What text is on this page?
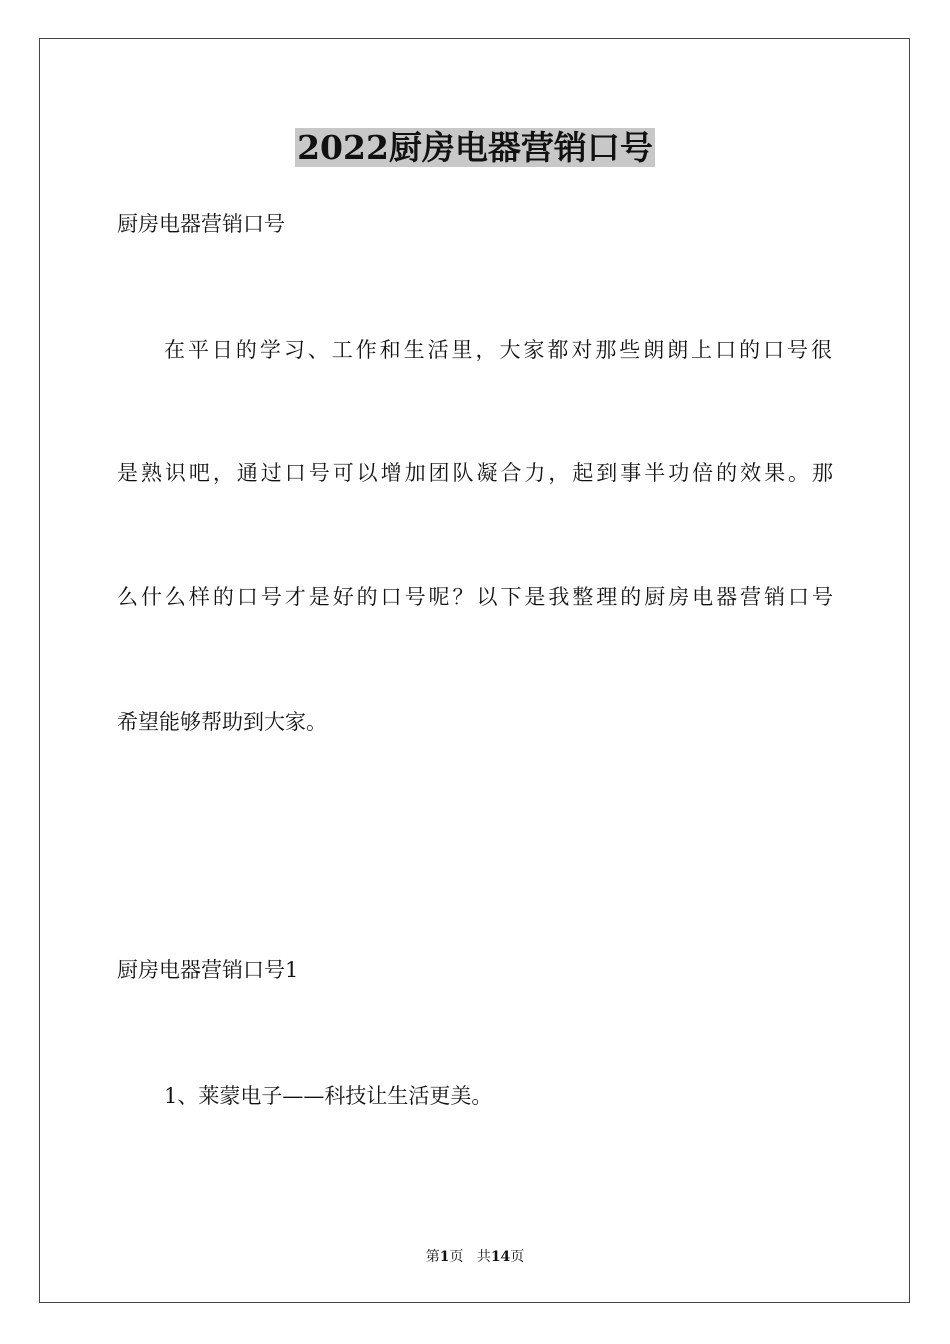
2022厨房电器营销口号
厨房电器营销口号
在平日的学习、工作和生活里，大家都对那些朗朗上口的口号很
是熟识吧，通过口号可以增加团队凝合力，起到事半功倍的效果。那
么什么样的口号才是好的口号呢？以下是我整理的厨房电器营销口号
希望能够帮助到大家。
厨房电器营销口号1
1、莱蒙电子——科技让生活更美。
第1页 共14页
